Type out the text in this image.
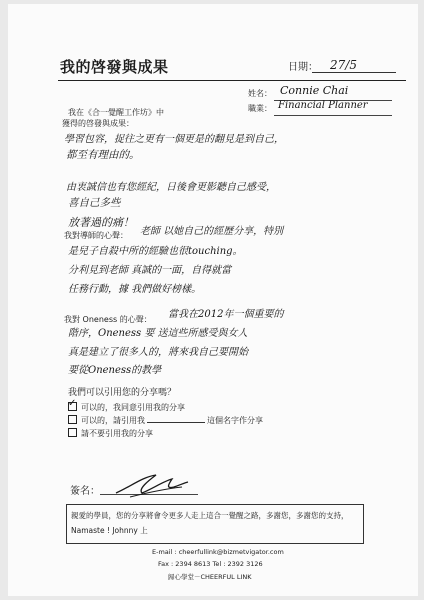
我的啓發與成果	日期： 27/5
姓名： Connie Chai
職業： Financial Planner
我在《合一覺醒工作坊》中
獲得的啓發與成果：
學習包容，捉往之更有一個更是的翻見是到自己，
都至有理由的。
由衷誠信也有您經紀，日後會更影聽自己感受，
喜自己多些
放著過的痛！
我對導師的心聲： 老師 以她自己的經歷分享，特別
是兒子自殺中所的經驗也很touching。
分利見到老師 真誠的一面，自得就當
任務行動，據 我們做好榜樣。
我對 Oneness 的心聲： 當我在2012年一個重要的
階序，Oneness 要 送這些所感受與女人
真是建立了很多人的，將來我自己要開始
要從Oneness的教學
我們可以引用您的分享嗎？
✓可以的，我同意引用我的分享
可以的，請引用我	這個名字作分享
請不要引用我的分享
簽名：
親愛的學員，您的分享將會令更多人走上這合一覺醒之路，多謝您，多謝您的支持，
Namaste ! Johnny 上
E-mail : cheerfullink@bizmetvigator.com
Fax : 2394 8613 Tel : 2392 3126
歸心學堂－CHEERFUL LINK
